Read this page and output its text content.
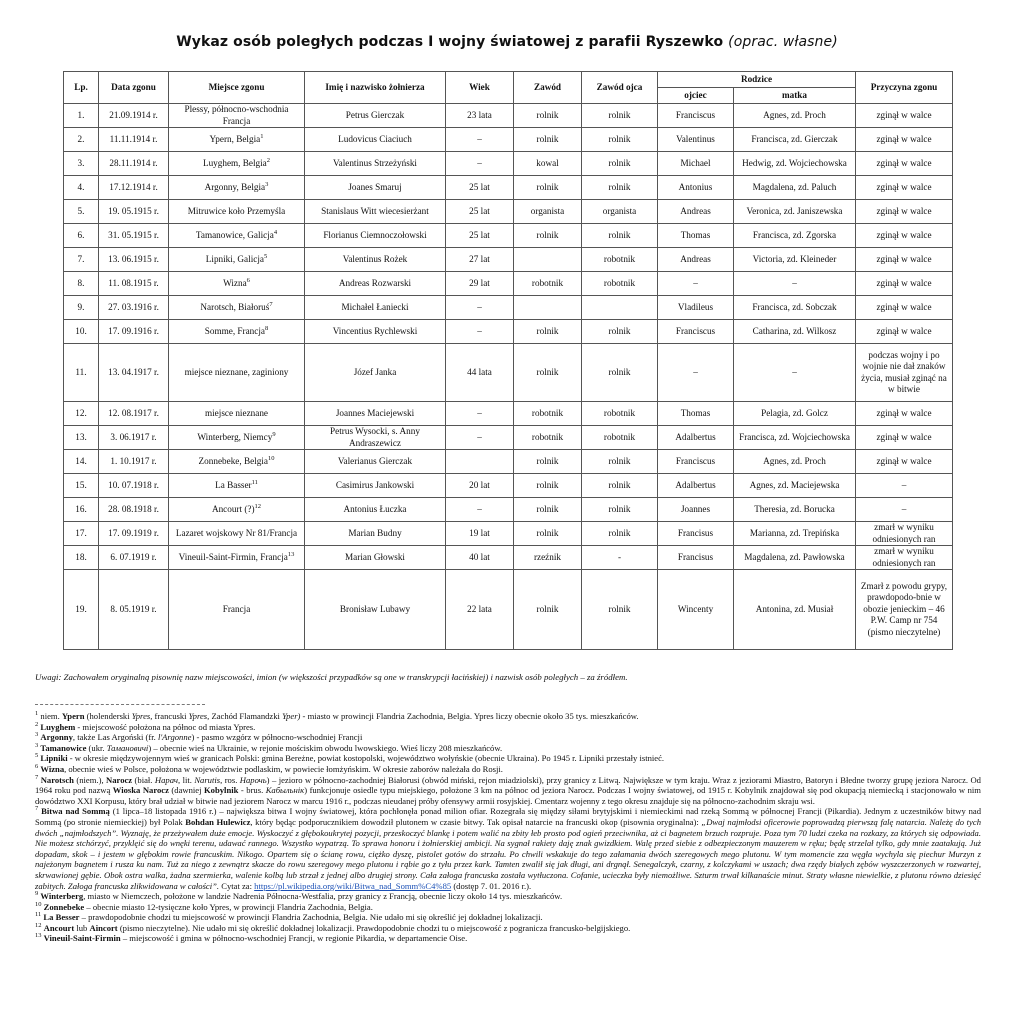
Wykaz osób poległych podczas I wojny światowej z parafii Ryszewko (oprac. własne)
Lp.	Data zgonu	Miejsce zgonu	Imię i nazwisko żołnierza	Wiek	Zawód	Zawód ojca	Rodzice		Przyczyna zgonu
							ojciec	matka	
1.	21.09.1914 r.	Plessy, północno-wschodnia Francja	Petrus Gierczak	23 lata	rolnik	rolnik	Franciscus	Agnes, zd. Proch	zginął w walce
2.	11.11.1914 r.	Ypern, Belgia$^1$	Ludovicus Ciaciuch	–	rolnik	rolnik	Valentinus	Francisca, zd. Gierczak	zginął w walce
3.	28.11.1914 r.	Luyghem, Belgia$^2$	Valentinus Strzeżyński	–	kowal	rolnik	Michael	Hedwig, zd. Wojciechowska	zginął w walce
4.	17.12.1914 r.	Argonny, Belgia$^3$	Joanes Smaruj	25 lat	rolnik	rolnik	Antonius	Magdalena, zd. Paluch	zginął w walce
5.	19. 05.1915 r.	Mitruwice koło Przemyśla	Stanislaus Witt wiecesierżant	25 lat	organista	organista	Andreas	Veronica, zd. Janiszewska	zginął w walce
6.	31. 05.1915 r.	Tamanowice, Galicja$^4$	Florianus Ciemnoczołowski	25 lat	rolnik	rolnik	Thomas	Francisca, zd. Zgorska	zginął w walce
7.	13. 06.1915 r.	Lipniki, Galicja$^5$	Valentinus Rożek	27 lat		robotnik	Andreas	Victoria, zd. Kleineder	zginął w walce
8.	11. 08.1915 r.	Wizna$^6$	Andreas Rozwarski	29 lat	robotnik	robotnik	–	–	zginął w walce
9.	27. 03.1916 r.	Narotsch, Białoruś$^7$	Michałel Łaniecki	–			Vladileus	Francisca, zd. Sobczak	zginął w walce
10.	17. 09.1916 r.	Somme, Francja$^8$	Vincentius Rychlewski	–	rolnik	rolnik	Franciscus	Catharina, zd. Wilkosz	zginął w walce
11.	13. 04.1917 r.	miejsce nieznane, zaginiony	Józef Janka	44 lata	rolnik	rolnik	–	–	podczas wojny i po wojnie nie dał znaków życia, musiał zginąć na w bitwie
12.	12. 08.1917 r.	miejsce nieznane	Joannes Maciejewski	–	robotnik	robotnik	Thomas	Pelagia, zd. Golcz	zginął w walce
13.	3. 06.1917 r.	Winterberg, Niemcy$^9$	Petrus Wysocki, s. Anny Andraszewicz	–	robotnik	robotnik	Adalbertus	Francisca, zd. Wojciechowska	zginął w walce
14.	1. 10.1917 r.	Zonnebeke, Belgia$^{10}$	Valerianus Gierczak		rolnik	rolnik	Franciscus	Agnes, zd. Proch	zginął w walce
15.	10. 07.1918 r.	La Basser$^{11}$	Casimirus Jankowski	20 lat	rolnik	rolnik	Adalbertus	Agnes, zd. Maciejewska	–
16.	28. 08.1918 r.	Ancourt (?)$^{12}$	Antonius Łuczka	–	rolnik	rolnik	Joannes	Theresia, zd. Borucka	–
17.	17. 09.1919 r.	Lazaret wojskowy Nr 81/Francja	Marian Budny	19 lat	rolnik	rolnik	Francisus	Marianna, zd. Trepińska	zmarł w wyniku odniesionych ran
18.	6. 07.1919 r.	Vineuil-Saint-Firmin, Francja$^{13}$	Marian Głowski	40 lat	rzeźnik	-	Francisus	Magdalena, zd. Pawłowska	zmarł w wyniku odniesionych ran
19.	8. 05.1919 r.	Francja	Bronisław Lubawy	22 lata	rolnik	rolnik	Wincenty	Antonina, zd. Musiał	Zmarł z powodu grypy, prawdopodo-bnie w obozie jenieckim – 46 P.W. Camp nr 754 (pismo nieczytelne)
Uwagi: Zachowałem oryginalną pisownię nazw miejscowości, imion (w większości przypadków są one w transkrypcji łacińskiej) i nazwisk osób poległych – za źródłem.

$^1$ niem. Ypern (holenderski Ypres, francuski Ypres, Zachód Flamandzki Yper) - miasto w prowincji Flandria Zachodnia, Belgia. Ypres liczy obecnie około 35 tys. mieszkańców.

$^2$ Luyghem - miejscowość położona na północ od miasta Ypres.

$^3$ Argonny, także Las Argoński (fr. l'Argonne) - pasmo wzgórz w północno-wschodniej Francji

$^3$ Tamanowice (ukr. Тамановичі) – obecnie wieś na Ukrainie, w rejonie mościskim obwodu lwowskiego. Wieś liczy 208 mieszkańców.

$^5$ Lipniki - w okresie międzywojennym wieś w granicach Polski: gmina Bereżne, powiat kostopolski, województwo wołyńskie (obecnie Ukraina). Po 1945 r. Lipniki przestały istnieć.

$^6$ Wizna, obecnie wieś w Polsce, położona w województwie podlaskim, w powiecie łomżyńskim. W okresie zaborów należała do Rosji.

$^7$ Narotsch (niem.), Narocz (biał. Нарач, lit. Narutis, ros. Нарочь) – jezioro w północno-zachodniej Białorusi (obwód miński, rejon miadziolski), przy granicy z Litwą. Największe w tym kraju. Wraz z jeziorami Miastro, Batoryn i Błedne tworzy grupę jeziora Narocz. Od 1964 roku pod nazwą Wioska Narocz (dawniej Kobylnik - brus. Кабыльнік) funkcjonuje osiedle typu miejskiego, położone 3 km na północ od jeziora Narocz. Podczas I wojny światowej, od 1915 r. Kobylnik znajdował się pod okupacją niemiecką i stacjonowało w nim dowództwo XXI Korpusu, który brał udział w bitwie nad jeziorem Narocz w marcu 1916 r., podczas nieudanej próby ofensywy armii rosyjskiej. Cmentarz wojenny z tego okresu znajduje się na północno-zachodnim skraju wsi.

$^7$ Bitwa nad Sommą (1 lipca–18 listopada 1916 r.) – największa bitwa I wojny światowej, która pochłonęła ponad milion ofiar. Rozegrała się między siłami brytyjskimi i niemieckimi nad rzeką Sommą w północnej Francji (Pikardia). Jednym z uczestników bitwy nad Sommą (po stronie niemieckiej) był Polak Bohdan Hulewicz, który będąc podporucznikiem dowodził plutonem w czasie bitwy. Tak opisał natarcie na francuski okop (pisownia oryginalna): „Dwaj najmłodsi oficerowie poprowadzą pierwszą falę natarcia. Należę do tych dwóch „najmłodszych”. Wyznaję, że przeżywałem duże emocje. Wyskoczyć z głębokoukrytej pozycji, przeskoczyć blankę i potem walić na zbity łeb prosto pod ogień przeciwnika, aż ci bagnetem brzuch rozpruje. Poza tym 70 ludzi czeka na rozkazy, za których się odpowiada. Nie możesz stchórzyć, przyklęić się do wnęki terenu, udawać rannego. Wszystko wypatrzą. To sprawa honoru i żołnierskiej ambicji. Na sygnał rakiety daję znak gwizdkiem. Walę przed siebie z odbezpieczonym mauzerem w ręku; będę strzelał tylko, gdy mnie zaatakują. Już dopadam, skok – i jestem w głębokim rowie francuskim. Nikogo. Opartem się o ścianę rowu, ciężko dyszę, pistolet gotów do strzału. Po chwili wskakuje do tego załamania dwóch szeregowych mego plutonu. W tym momencie zza węgła wychyla się piechur Murzyn z najeżonym bagnetem i rusza ku nam. Tuż za niego z zewnątrz skacze do rowu szeregowy mego plutonu i rąbie go z tyłu przez kark. Tamten zwalił się jak długi, ani drgnął. Senegalczyk, czarny, z kolczykami w uszach; dwa rzędy białych zębów wyszczerzonych w rozwartej, skrwawionej gębie. Obok ostra walka, żadna szermierka, walenie kolbą lub strzał z jednej albo drugiej strony. Cała załoga francuska została wytłuczona. Cofanie, ucieczka były niemożliwe. Szturm trwał kilkanaście minut. Straty własne niewielkie, z plutonu równo dziesięć zabitych. Załoga francuska zlikwidowana w całości”. Cytat za: https://pl.wikipedia.org/wiki/Bitwa_nad_Somm%C4%85 (dostęp 7. 01. 2016 r.).

$^9$ Winterberg, miasto w Niemczech, położone w landzie Nadrenia Północna-Westfalia, przy granicy z Francją, obecnie liczy około 14 tys. mieszkańców.

$^{10}$ Zonnebeke – obecnie miasto 12-tysięczne koło Ypres, w prowincji Flandria Zachodnia, Belgia.

$^{11}$ La Besser – prawdopodobnie chodzi tu miejscowość w prowincji Flandria Zachodnia, Belgia. Nie udało mi się określić jej dokładnej lokalizacji.

$^{12}$ Ancourt lub Aincort (pismo nieczytelne). Nie udało mi się określić dokładnej lokalizacji. Prawdopodobnie chodzi tu o miejscowość z pogranicza francusko-belgijskiego.

$^{13}$ Vineuil-Saint-Firmin – miejscowość i gmina w północno-wschodniej Francji, w regionie Pikardia, w departamencie Oise.
